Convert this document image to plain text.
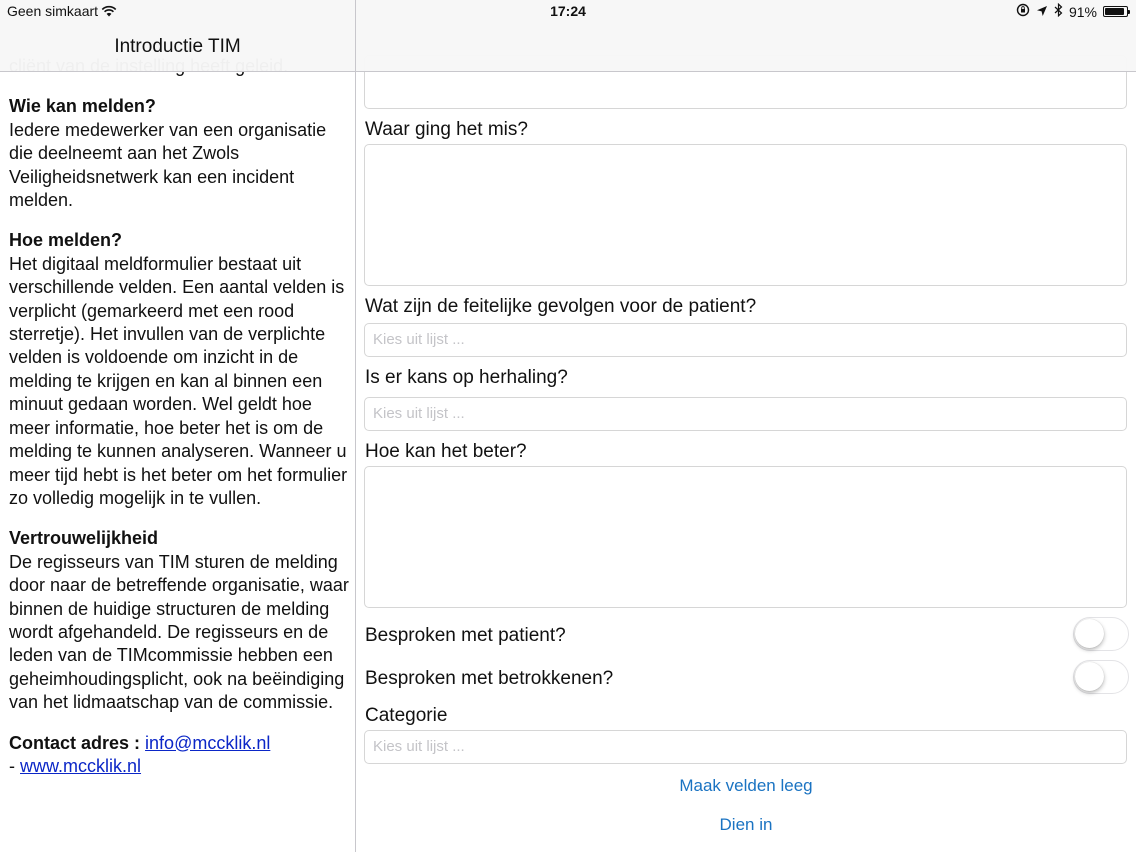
Wie kan melden?

Iedere medewerker van een organisatie die deelneemt aan het Zwols Veiligheidsnetwerk kan een incident melden.

Hoe melden?

Het digitaal meldformulier bestaat uit verschillende velden. Een aantal velden is verplicht (gemarkeerd met een rood sterretje). Het invullen van de verplichte velden is voldoende om inzicht in de melding te krijgen en kan al binnen een minuut gedaan worden. Wel geldt hoe meer informatie, hoe beter het is om de melding te kunnen analyseren. Wanneer u meer tijd hebt is het beter om het formulier zo volledig mogelijk in te vullen.

Vertrouwelijkheid

De regisseurs van TIM sturen de melding door naar de betreffende organisatie, waar binnen de huidige structuren de melding wordt afgehandeld. De regisseurs en de leden van de TIMcommissie hebben een geheimhoudingsplicht, ook na beëindiging van het lidmaatschap van de commissie.

Contact adres : info@mccklik.nl

- www.mccklik.nl

Introductie TIM
Waar ging het mis?
Wat zijn de feitelijke gevolgen voor de patient?
Kies uit lijst ...
Is er kans op herhaling?
Kies uit lijst ...
Hoe kan het beter?
Besproken met patient?
Besproken met betrokkenen?
Categorie
Kies uit lijst ...
Maak velden leeg
Dien in
Geen simkaart	17:24	91%
